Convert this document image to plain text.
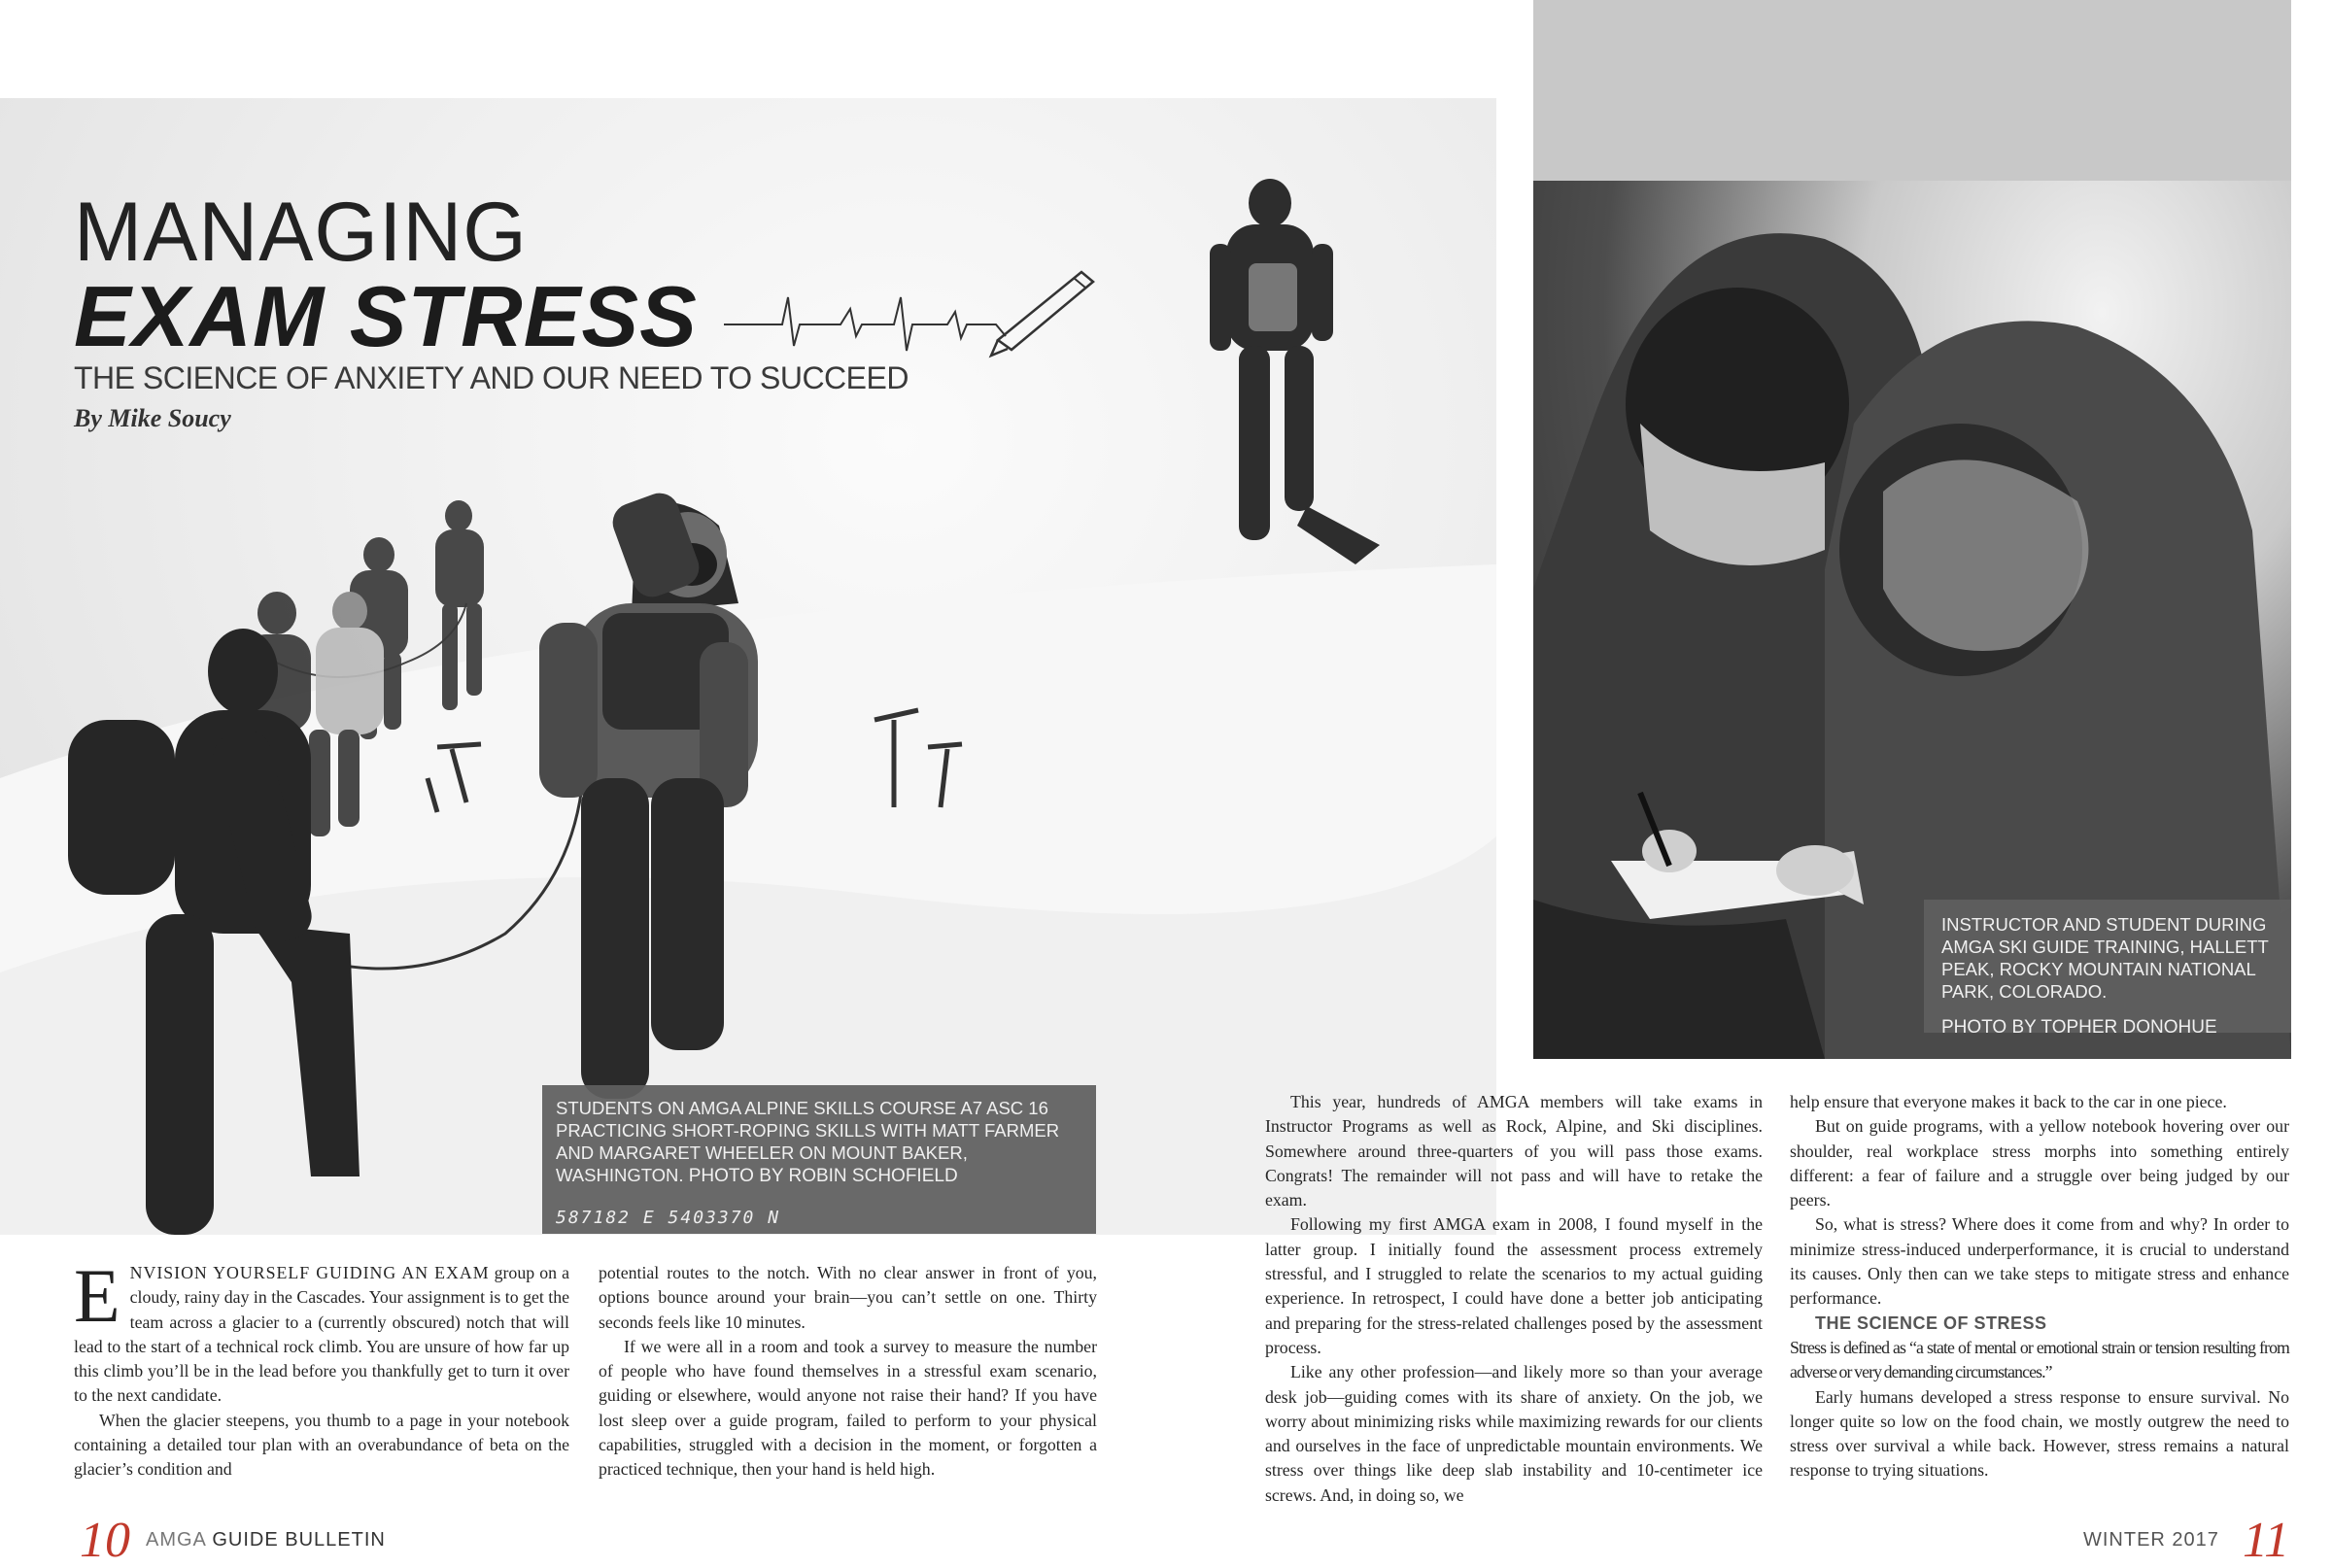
MANAGING
EXAM STRESS
THE SCIENCE OF ANXIETY AND OUR NEED TO SUCCEED
By Mike Soucy
STUDENTS ON AMGA ALPINE SKILLS COURSE A7 ASC 16 PRACTICING SHORT-ROPING SKILLS WITH MATT FARMER AND MARGARET WHEELER ON MOUNT BAKER, WASHINGTON. PHOTO BY ROBIN SCHOFIELD
587182 E 5403370 N
INSTRUCTOR AND STUDENT DURING AMGA SKI GUIDE TRAINING, HALLETT PEAK, ROCKY MOUNTAIN NATIONAL PARK, COLORADO.
PHOTO BY TOPHER DONOHUE

ENVISION YOURSELF GUIDING AN EXAM group on a cloudy, rainy day in the Cascades. Your assignment is to get the team across a glacier to a (currently obscured) notch that will lead to the start of a technical rock climb. You are unsure of how far up this climb you’ll be in the lead before you thankfully get to turn it over to the next candidate.

When the glacier steepens, you thumb to a page in your notebook containing a detailed tour plan with an overabundance of beta on the glacier’s condition and

potential routes to the notch. With no clear answer in front of you, options bounce around your brain—you can’t settle on one. Thirty seconds feels like 10 minutes.

If we were all in a room and took a survey to measure the number of people who have found themselves in a stressful exam scenario, guiding or elsewhere, would anyone not raise their hand? If you have lost sleep over a guide program, failed to perform to your physical capabilities, struggled with a decision in the moment, or forgotten a practiced technique, then your hand is held high.

This year, hundreds of AMGA members will take exams in Instructor Programs as well as Rock, Alpine, and Ski disciplines. Somewhere around three-quarters of you will pass those exams. Congrats! The remainder will not pass and will have to retake the exam.

Following my first AMGA exam in 2008, I found myself in the latter group. I initially found the assessment process extremely stressful, and I struggled to relate the scenarios to my actual guiding experience. In retrospect, I could have done a better job anticipating and preparing for the stress-related challenges posed by the assessment process.

Like any other profession—and likely more so than your average desk job—guiding comes with its share of anxiety. On the job, we worry about minimizing risks while maximizing rewards for our clients and ourselves in the face of unpredictable mountain environments. We stress over things like deep slab instability and 10-centimeter ice screws. And, in doing so, we

help ensure that everyone makes it back to the car in one piece.

But on guide programs, with a yellow notebook hovering over our shoulder, real workplace stress morphs into something entirely different: a fear of failure and a struggle over being judged by our peers.

So, what is stress? Where does it come from and why? In order to minimize stress-induced underperformance, it is crucial to understand its causes. Only then can we take steps to mitigate stress and enhance performance.

THE SCIENCE OF STRESS

Stress is defined as “a state of mental or emotional strain or tension resulting from adverse or very demanding circumstances.”

Early humans developed a stress response to ensure survival. No longer quite so low on the food chain, we mostly outgrew the need to stress over survival a while back. However, stress remains a natural response to trying situations.

10 AMGA GUIDE BULLETIN	WINTER 2017 11
